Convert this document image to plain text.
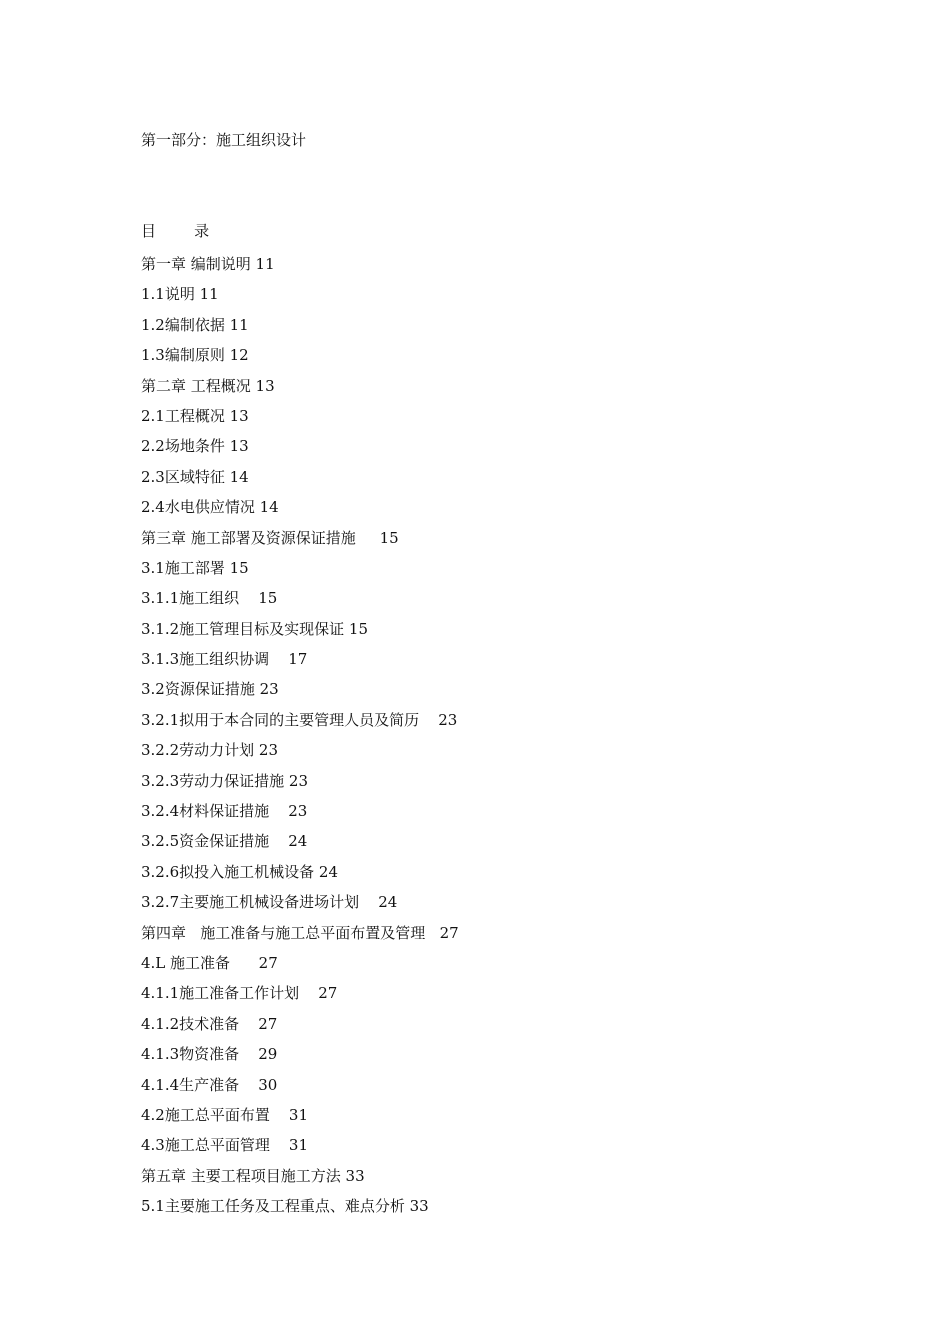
第一部分：施工组织设计
目        录
第一章 编制说明 11
1.1说明 11
1.2编制依据 11
1.3编制原则 12
第二章 工程概况 13
2.1工程概况 13
2.2场地条件 13
2.3区域特征 14
2.4水电供应情况 14
第三章 施工部署及资源保证措施     15
3.1施工部署 15
3.1.1施工组织    15
3.1.2施工管理目标及实现保证 15
3.1.3施工组织协调    17
3.2资源保证措施 23
3.2.1拟用于本合同的主要管理人员及简历    23
3.2.2劳动力计划 23
3.2.3劳动力保证措施 23
3.2.4材料保证措施    23
3.2.5资金保证措施    24
3.2.6拟投入施工机械设备 24
3.2.7主要施工机械设备进场计划    24
第四章   施工准备与施工总平面布置及管理   27
4.L 施工准备      27
4.1.1施工准备工作计划    27
4.1.2技术准备    27
4.1.3物资准备    29
4.1.4生产准备    30
4.2施工总平面布置    31
4.3施工总平面管理    31
第五章 主要工程项目施工方法 33
5.1主要施工任务及工程重点、难点分析 33
